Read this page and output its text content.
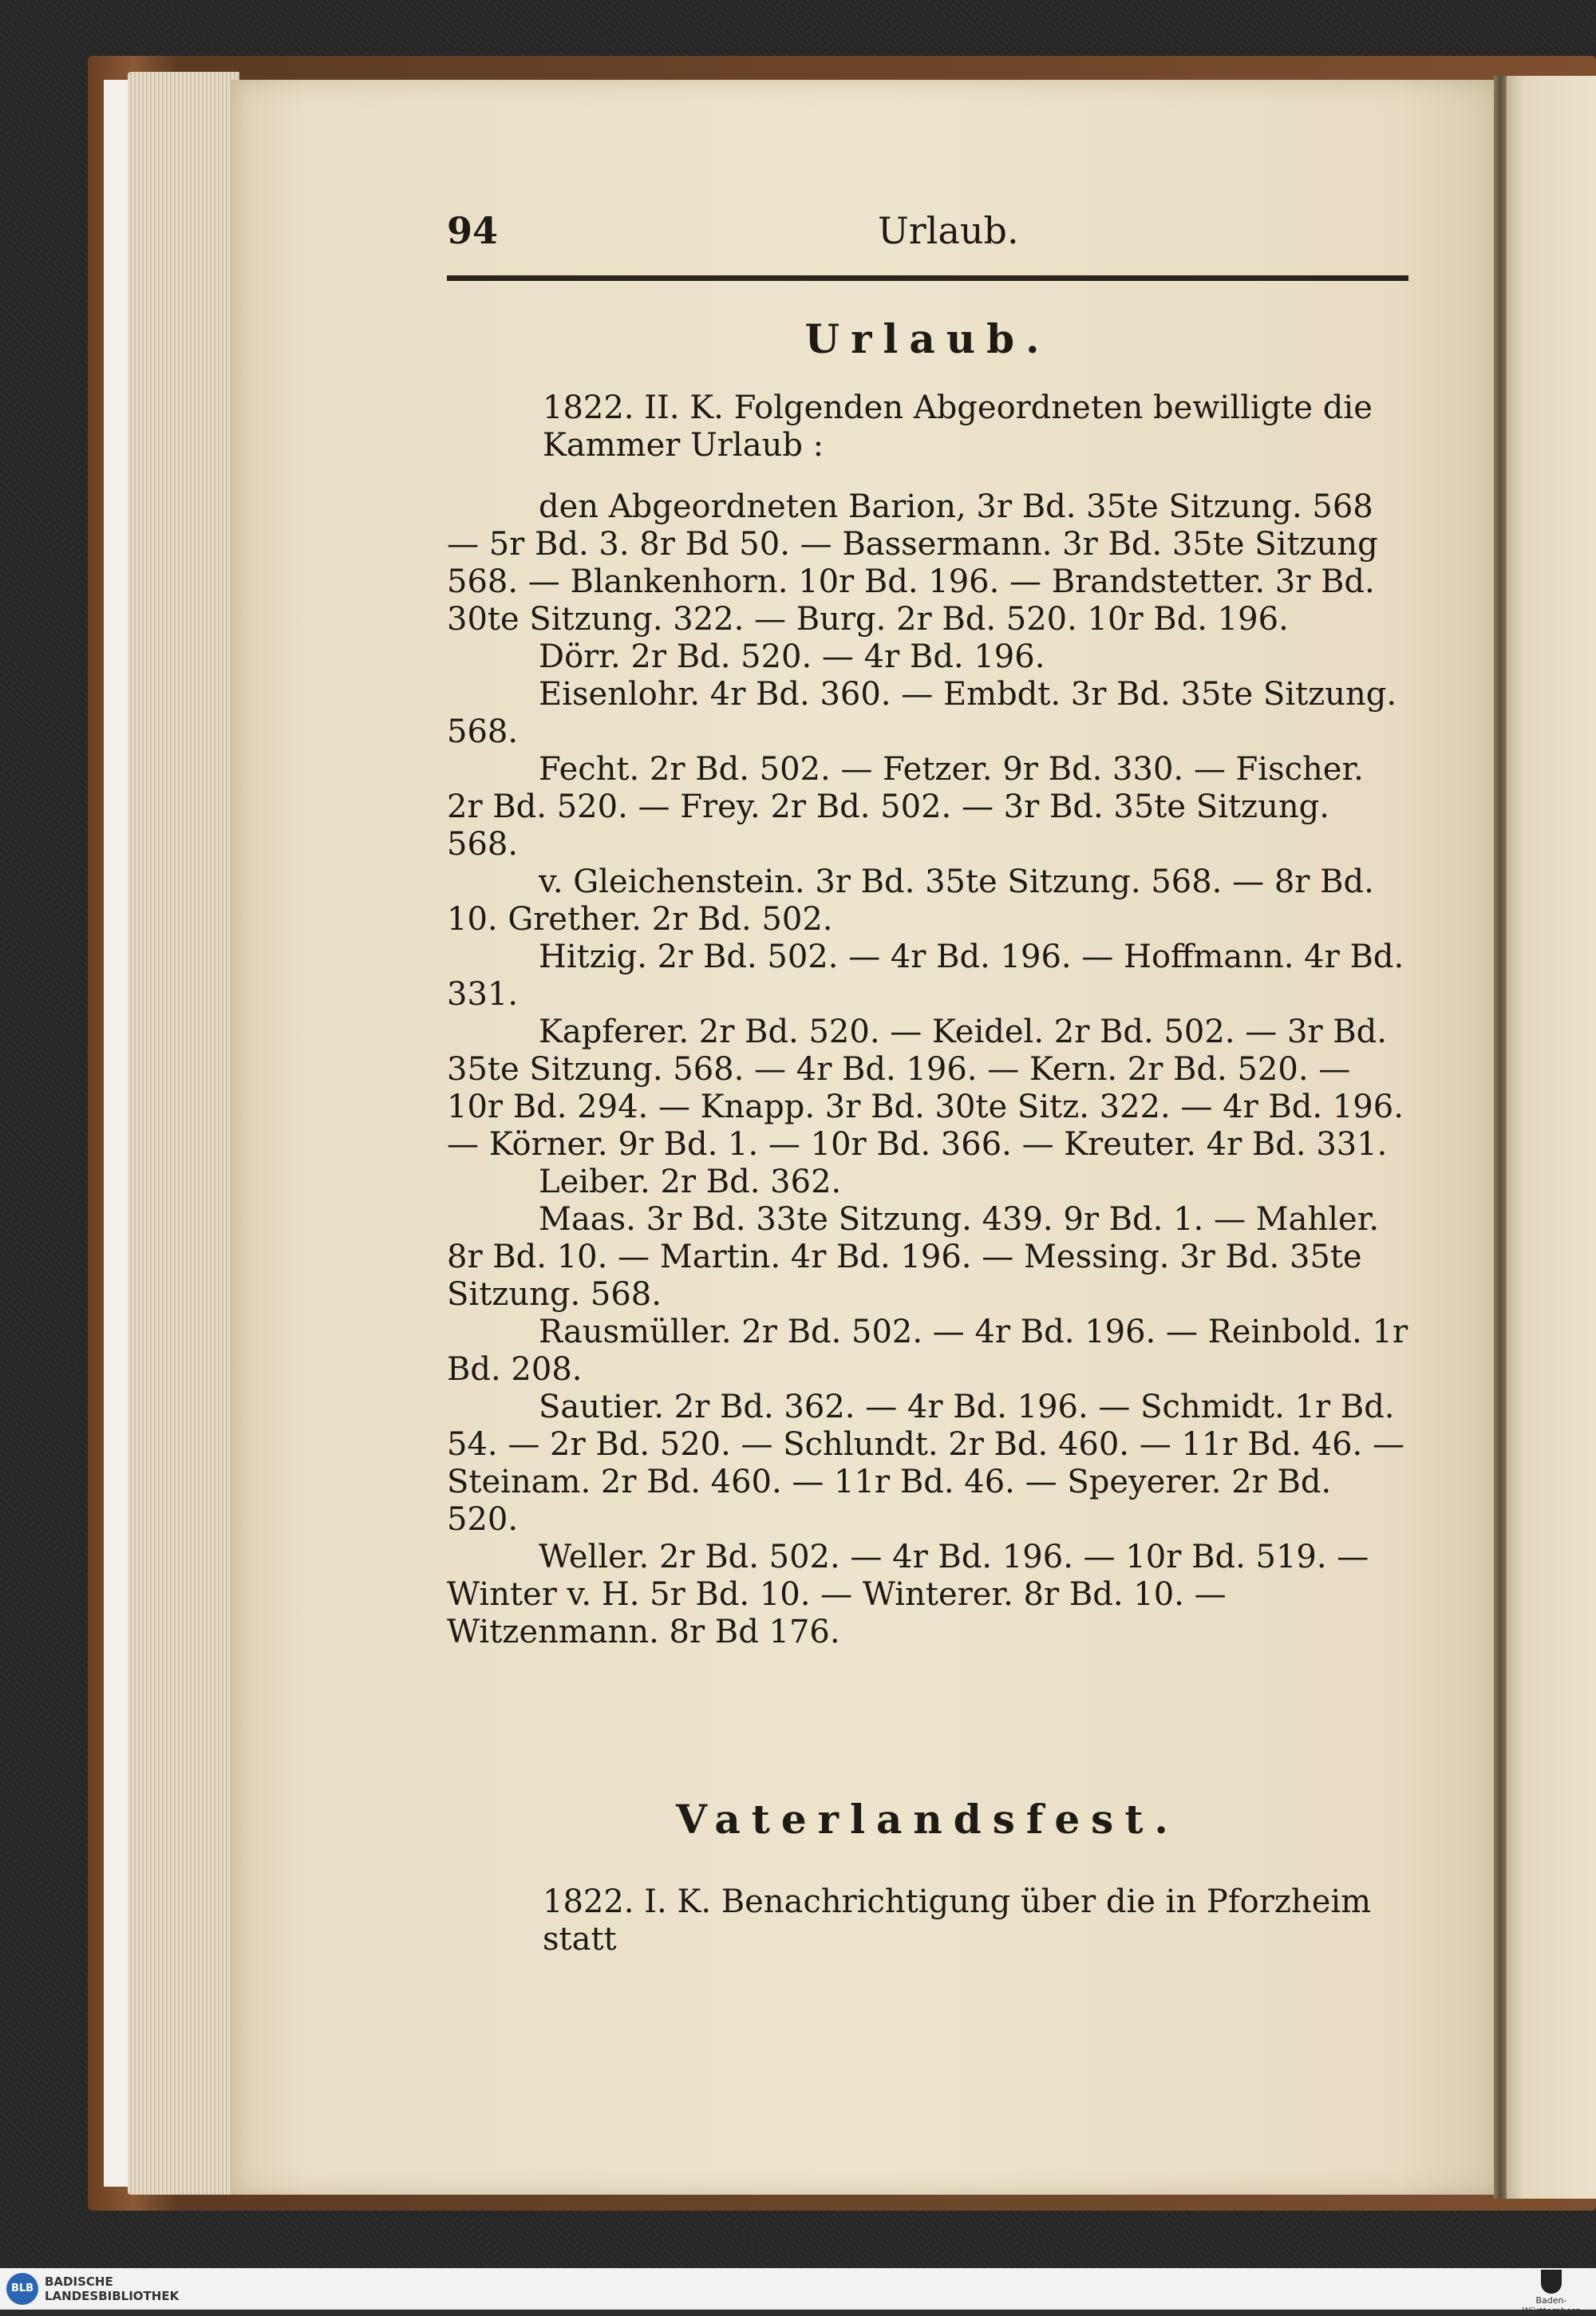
94	Urlaub.
Urlaub.
1822. II. K. Folgenden Abgeordneten bewilligte die Kammer Urlaub :

den Abgeordneten Barion, 3r Bd. 35te Sitzung. 568 — 5r Bd. 3. 8r Bd 50. — Bassermann. 3r Bd. 35te Sitzung 568. — Blankenhorn. 10r Bd. 196. — Brandstetter. 3r Bd. 30te Sitzung. 322. — Burg. 2r Bd. 520. 10r Bd. 196.

Dörr. 2r Bd. 520. — 4r Bd. 196.

Eisenlohr. 4r Bd. 360. — Embdt. 3r Bd. 35te Sitzung. 568.

Fecht. 2r Bd. 502. — Fetzer. 9r Bd. 330. — Fischer. 2r Bd. 520. — Frey. 2r Bd. 502. — 3r Bd. 35te Sitzung. 568.

v. Gleichenstein. 3r Bd. 35te Sitzung. 568. — 8r Bd. 10. Grether. 2r Bd. 502.

Hitzig. 2r Bd. 502. — 4r Bd. 196. — Hoffmann. 4r Bd. 331.

Kapferer. 2r Bd. 520. — Keidel. 2r Bd. 502. — 3r Bd. 35te Sitzung. 568. — 4r Bd. 196. — Kern. 2r Bd. 520. — 10r Bd. 294. — Knapp. 3r Bd. 30te Sitz. 322. — 4r Bd. 196. — Körner. 9r Bd. 1. — 10r Bd. 366. — Kreuter. 4r Bd. 331.

Leiber. 2r Bd. 362.

Maas. 3r Bd. 33te Sitzung. 439. 9r Bd. 1. — Mahler. 8r Bd. 10. — Martin. 4r Bd. 196. — Messing. 3r Bd. 35te Sitzung. 568.

Rausmüller. 2r Bd. 502. — 4r Bd. 196. — Reinbold. 1r Bd. 208.

Sautier. 2r Bd. 362. — 4r Bd. 196. — Schmidt. 1r Bd. 54. — 2r Bd. 520. — Schlundt. 2r Bd. 460. — 11r Bd. 46. — Steinam. 2r Bd. 460. — 11r Bd. 46. — Speyerer. 2r Bd. 520.

Weller. 2r Bd. 502. — 4r Bd. 196. — 10r Bd. 519. — Winter v. H. 5r Bd. 10. — Winterer. 8r Bd. 10. — Witzenmann. 8r Bd 176.

Vaterlandsfest.
1822. I. K. Benachrichtigung über die in Pforzheim statt
BLB BADISCHE
LANDESBIBLIOTHEK	Baden-Württemberg
